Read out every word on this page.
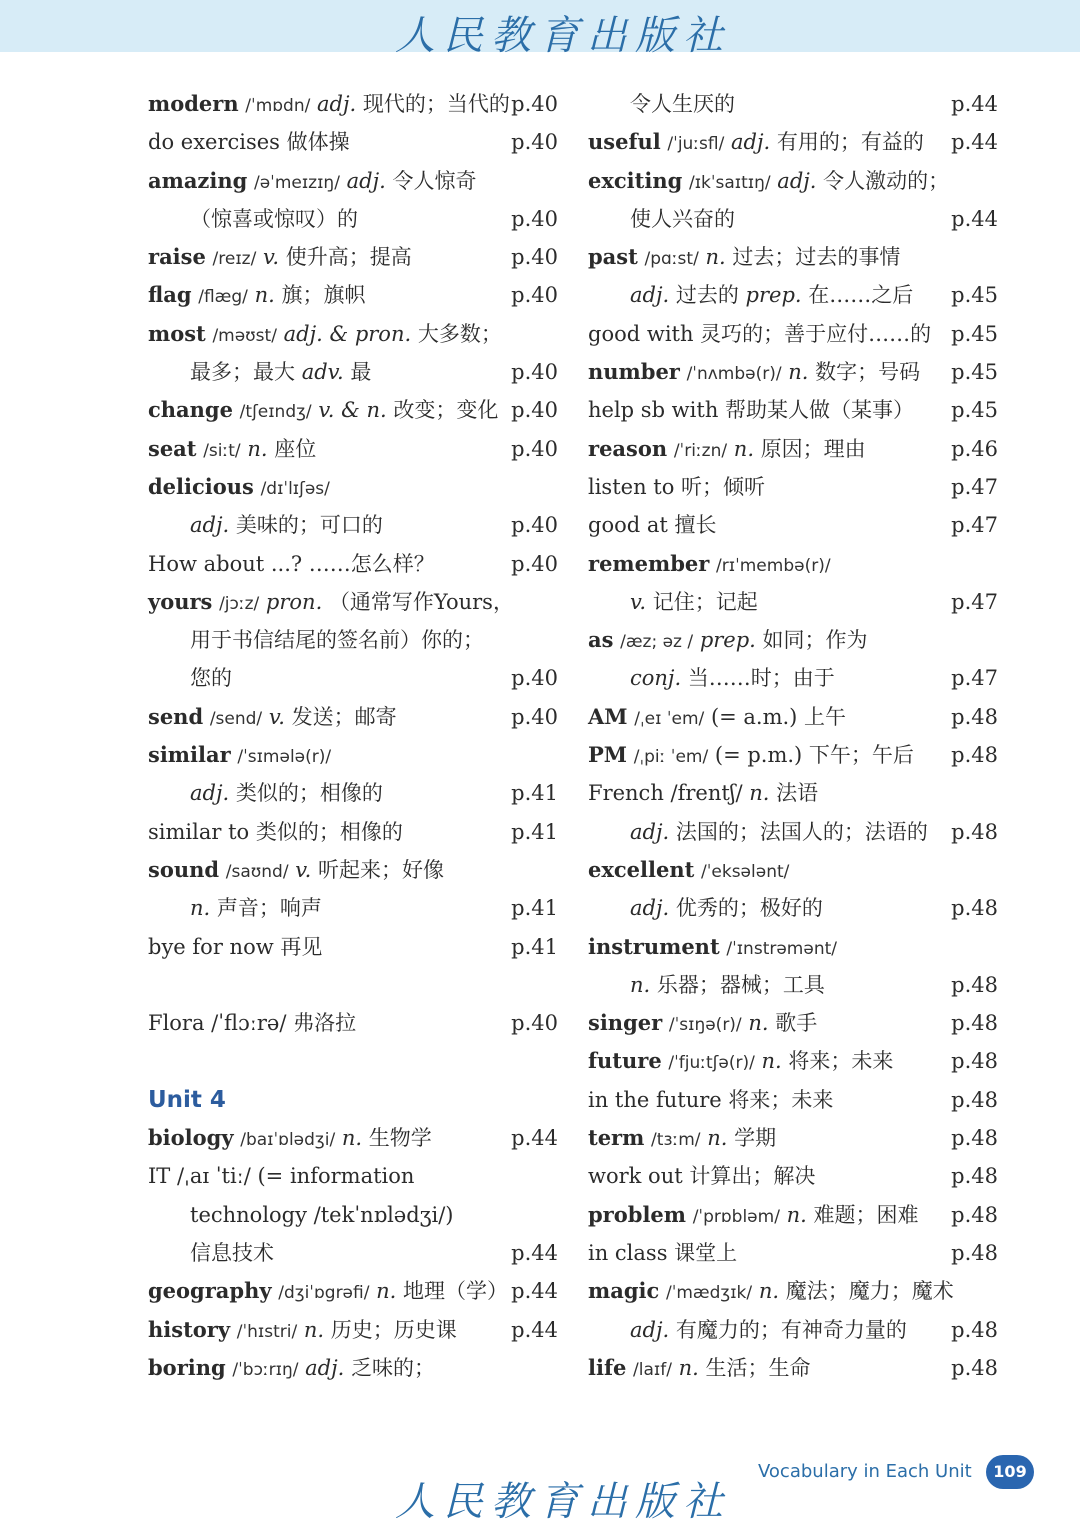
人民教育出版社
modern /ˈmɒdn/ adj. 现代的；当代的 p.40
do exercises 做体操	p.40
amazing /əˈmeɪzɪŋ/ adj. 令人惊奇
（惊喜或惊叹）的	p.40
raise /reɪz/ v. 使升高；提高	p.40
flag /flæg/ n. 旗；旗帜	p.40
most /məʊst/ adj. & pron. 大多数；
最多；最大 adv. 最	p.40
change /tʃeɪndʒ/ v. & n. 改变；变化 p.40
seat /siːt/ n. 座位	p.40
delicious /dɪˈlɪʃəs/
adj. 美味的；可口的	p.40
How about ...? ……怎么样？	p.40
yours /jɔːz/ pron. （通常写作Yours，
用于书信结尾的签名前）你的；
您的	p.40
send /send/ v. 发送；邮寄	p.40
similar /ˈsɪmələ(r)/
adj. 类似的；相像的	p.41
similar to 类似的；相像的	p.41
sound /saʊnd/ v. 听起来；好像
n. 声音；响声	p.41
bye for now 再见	p.41
Flora /ˈflɔːrə/ 弗洛拉	p.40
Unit 4
biology /baɪˈɒlədʒi/ n. 生物学	p.44
IT /ˌaɪ ˈtiː/ (= information
technology /tekˈnɒlədʒi/)
信息技术	p.44
geography /dʒiˈɒgrəfi/ n. 地理（学） p.44
history /ˈhɪstri/ n. 历史；历史课	p.44
boring /ˈbɔːrɪŋ/ adj. 乏味的；
令人生厌的	p.44
useful /ˈjuːsfl/ adj. 有用的；有益的 p.44
exciting /ɪkˈsaɪtɪŋ/ adj. 令人激动的；
使人兴奋的	p.44
past /pɑːst/ n. 过去；过去的事情
adj. 过去的 prep. 在……之后 p.45
good with 灵巧的；善于应付……的 p.45
number /ˈnʌmbə(r)/ n. 数字；号码 p.45
help sb with 帮助某人做（某事） p.45
reason /ˈriːzn/ n. 原因；理由	p.46
listen to 听；倾听	p.47
good at 擅长	p.47
remember /rɪˈmembə(r)/
v. 记住；记起	p.47
as /æz; əz / prep. 如同；作为
conj. 当……时；由于	p.47
AM /ˌeɪ ˈem/ (= a.m.) 上午	p.48
PM /ˌpiː ˈem/ (= p.m.) 下午；午后 p.48
French /frentʃ/ n. 法语
adj. 法国的；法国人的；法语的 p.48
excellent /ˈeksələnt/
adj. 优秀的；极好的	p.48
instrument /ˈɪnstrəmənt/
n. 乐器；器械；工具	p.48
singer /ˈsɪŋə(r)/ n. 歌手	p.48
future /ˈfjuːtʃə(r)/ n. 将来；未来	p.48
in the future 将来；未来	p.48
term /tɜːm/ n. 学期	p.48
work out 计算出；解决	p.48
problem /ˈprɒbləm/ n. 难题；困难 p.48
in class 课堂上	p.48
magic /ˈmædʒɪk/ n. 魔法；魔力；魔术
adj. 有魔力的；有神奇力量的 p.48
life /laɪf/ n. 生活；生命	p.48
人民教育出版社
Vocabulary in Each Unit	109
